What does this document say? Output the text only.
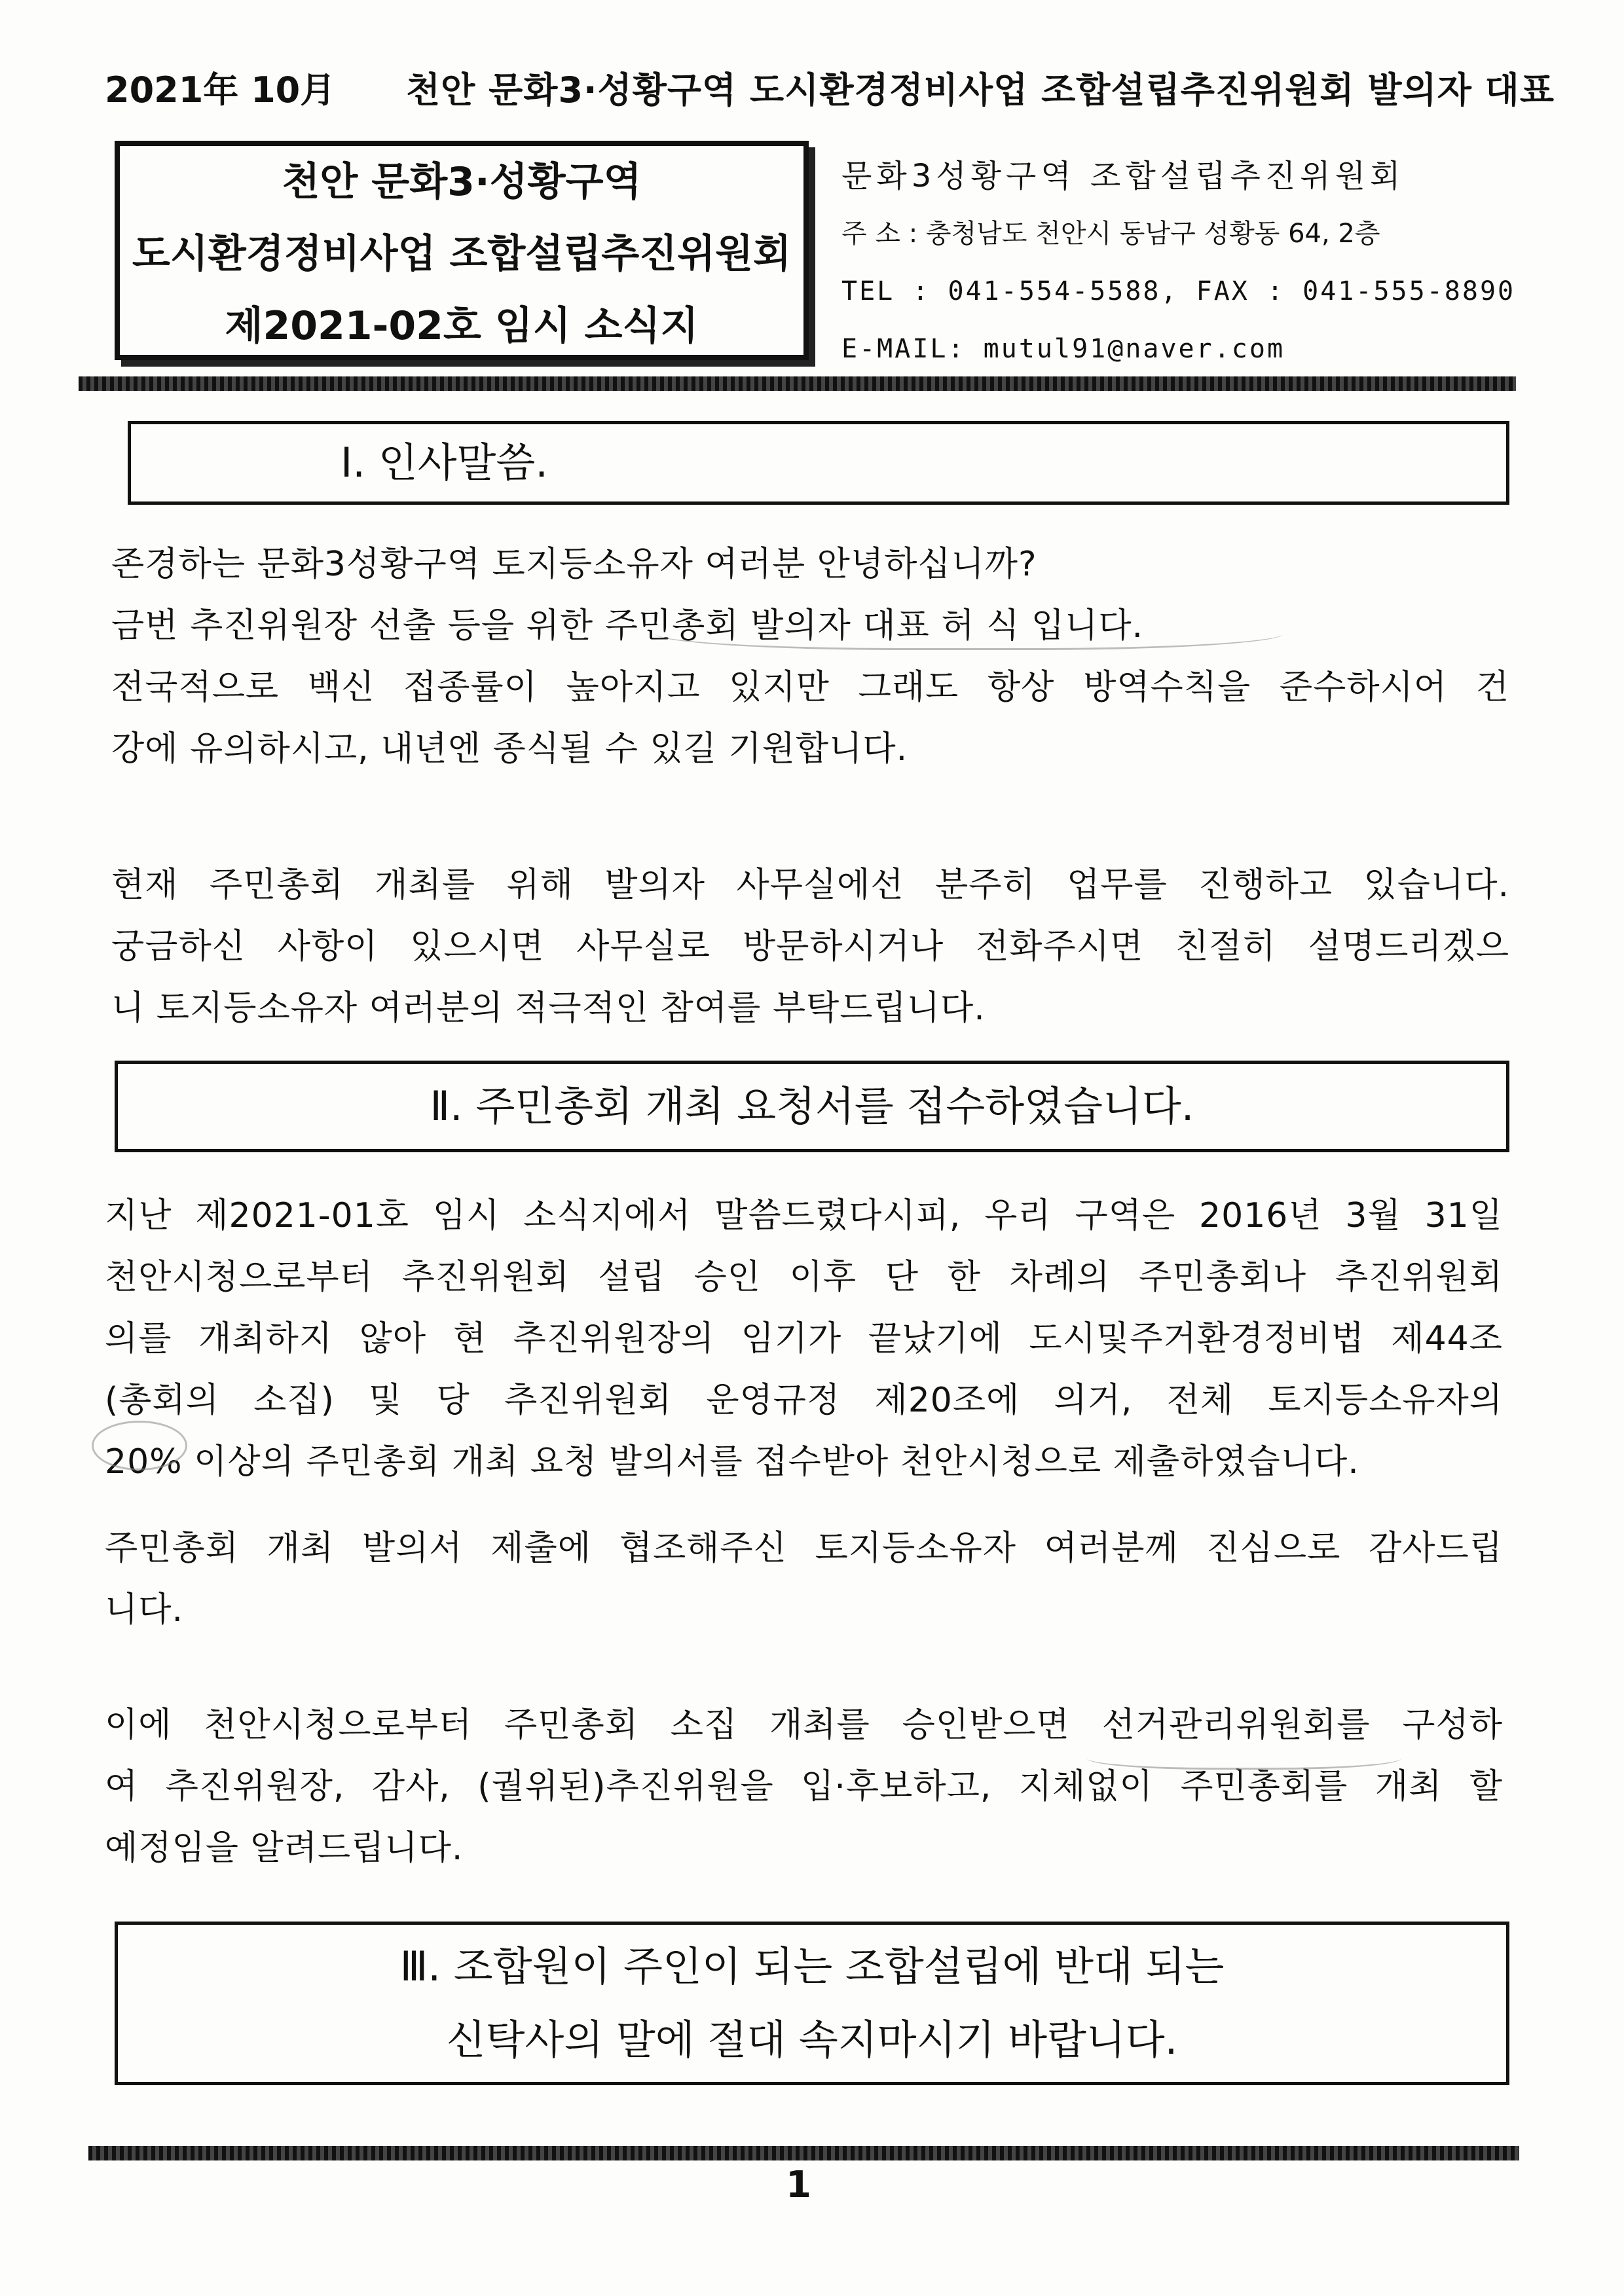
2021年 10月 천안 문화3·성황구역 도시환경정비사업 조합설립추진위원회 발의자 대표
천안 문화3·성황구역
도시환경정비사업 조합설립추진위원회
제2021-02호 임시 소식지
문화3성황구역 조합설립추진위원회
주 소 : 충청남도 천안시 동남구 성황동 64, 2층
TEL : 041-554-5588, FAX : 041-555-8890
E-MAIL: mutul91@naver.com
Ⅰ. 인사말씀.
존경하는 문화3성황구역 토지등소유자 여러분 안녕하십니까?
금번 추진위원장 선출 등을 위한 주민총회 발의자 대표 허 식 입니다.
전국적으로 백신 접종률이 높아지고 있지만 그래도 항상 방역수칙을 준수하시어 건
강에 유의하시고, 내년엔 종식될 수 있길 기원합니다.
현재 주민총회 개최를 위해 발의자 사무실에선 분주히 업무를 진행하고 있습니다.
궁금하신 사항이 있으시면 사무실로 방문하시거나 전화주시면 친절히 설명드리겠으
니 토지등소유자 여러분의 적극적인 참여를 부탁드립니다.
Ⅱ. 주민총회 개최 요청서를 접수하였습니다.
지난 제2021-01호 임시 소식지에서 말씀드렸다시피, 우리 구역은 2016년 3월 31일
천안시청으로부터 추진위원회 설립 승인 이후 단 한 차례의 주민총회나 추진위원회
의를 개최하지 않아 현 추진위원장의 임기가 끝났기에 도시및주거환경정비법 제44조
(총회의 소집) 및 당 추진위원회 운영규정 제20조에 의거, 전체 토지등소유자의
20% 이상의 주민총회 개최 요청 발의서를 접수받아 천안시청으로 제출하였습니다.
주민총회 개최 발의서 제출에 협조해주신 토지등소유자 여러분께 진심으로 감사드립
니다.
이에 천안시청으로부터 주민총회 소집 개최를 승인받으면 선거관리위원회를 구성하
여 추진위원장, 감사, (궐위된)추진위원을 입·후보하고, 지체없이 주민총회를 개최 할
예정임을 알려드립니다.
Ⅲ. 조합원이 주인이 되는 조합설립에 반대 되는
신탁사의 말에 절대 속지마시기 바랍니다.
1
